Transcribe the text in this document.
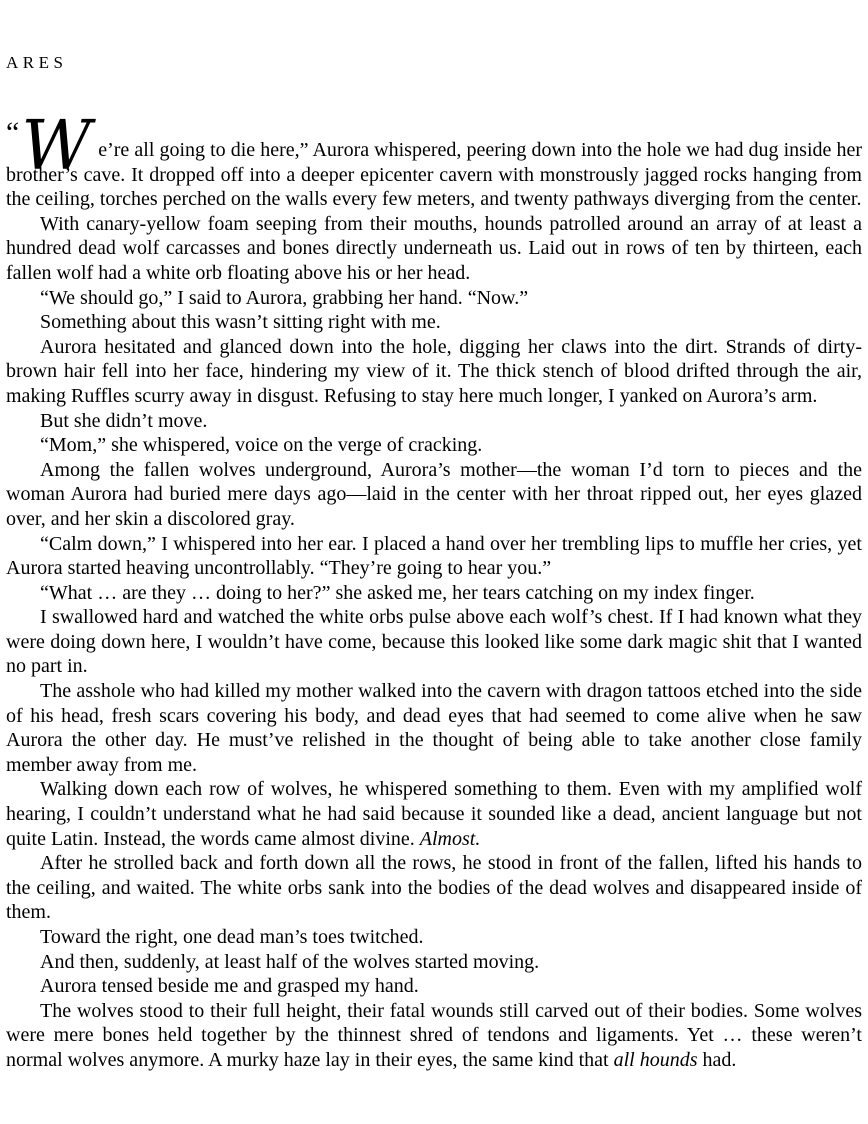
ARES

“W e’re all going to die here,” Aurora whispered, peering down into the hole we had dug inside her brother’s cave. It dropped off into a deeper epicenter cavern with monstrously jagged rocks hanging from the ceiling, torches perched on the walls every few meters, and twenty pathways diverging from the center.

With canary-yellow foam seeping from their mouths, hounds patrolled around an array of at least a hundred dead wolf carcasses and bones directly underneath us. Laid out in rows of ten by thirteen, each fallen wolf had a white orb floating above his or her head.

“We should go,” I said to Aurora, grabbing her hand. “Now.”

Something about this wasn’t sitting right with me.

Aurora hesitated and glanced down into the hole, digging her claws into the dirt. Strands of dirty-brown hair fell into her face, hindering my view of it. The thick stench of blood drifted through the air, making Ruffles scurry away in disgust. Refusing to stay here much longer, I yanked on Aurora’s arm.

But she didn’t move.

“Mom,” she whispered, voice on the verge of cracking.

Among the fallen wolves underground, Aurora’s mother—the woman I’d torn to pieces and the woman Aurora had buried mere days ago—laid in the center with her throat ripped out, her eyes glazed over, and her skin a discolored gray.

“Calm down,” I whispered into her ear. I placed a hand over her trembling lips to muffle her cries, yet Aurora started heaving uncontrollably. “They’re going to hear you.”

“What … are they … doing to her?” she asked me, her tears catching on my index finger.

I swallowed hard and watched the white orbs pulse above each wolf’s chest. If I had known what they were doing down here, I wouldn’t have come, because this looked like some dark magic shit that I wanted no part in.

The asshole who had killed my mother walked into the cavern with dragon tattoos etched into the side of his head, fresh scars covering his body, and dead eyes that had seemed to come alive when he saw Aurora the other day. He must’ve relished in the thought of being able to take another close family member away from me.

Walking down each row of wolves, he whispered something to them. Even with my amplified wolf hearing, I couldn’t understand what he had said because it sounded like a dead, ancient language but not quite Latin. Instead, the words came almost divine. Almost.

After he strolled back and forth down all the rows, he stood in front of the fallen, lifted his hands to the ceiling, and waited. The white orbs sank into the bodies of the dead wolves and disappeared inside of them.

Toward the right, one dead man’s toes twitched.

And then, suddenly, at least half of the wolves started moving.

Aurora tensed beside me and grasped my hand.

The wolves stood to their full height, their fatal wounds still carved out of their bodies. Some wolves were mere bones held together by the thinnest shred of tendons and ligaments. Yet … these weren’t normal wolves anymore. A murky haze lay in their eyes, the same kind that all hounds had.
